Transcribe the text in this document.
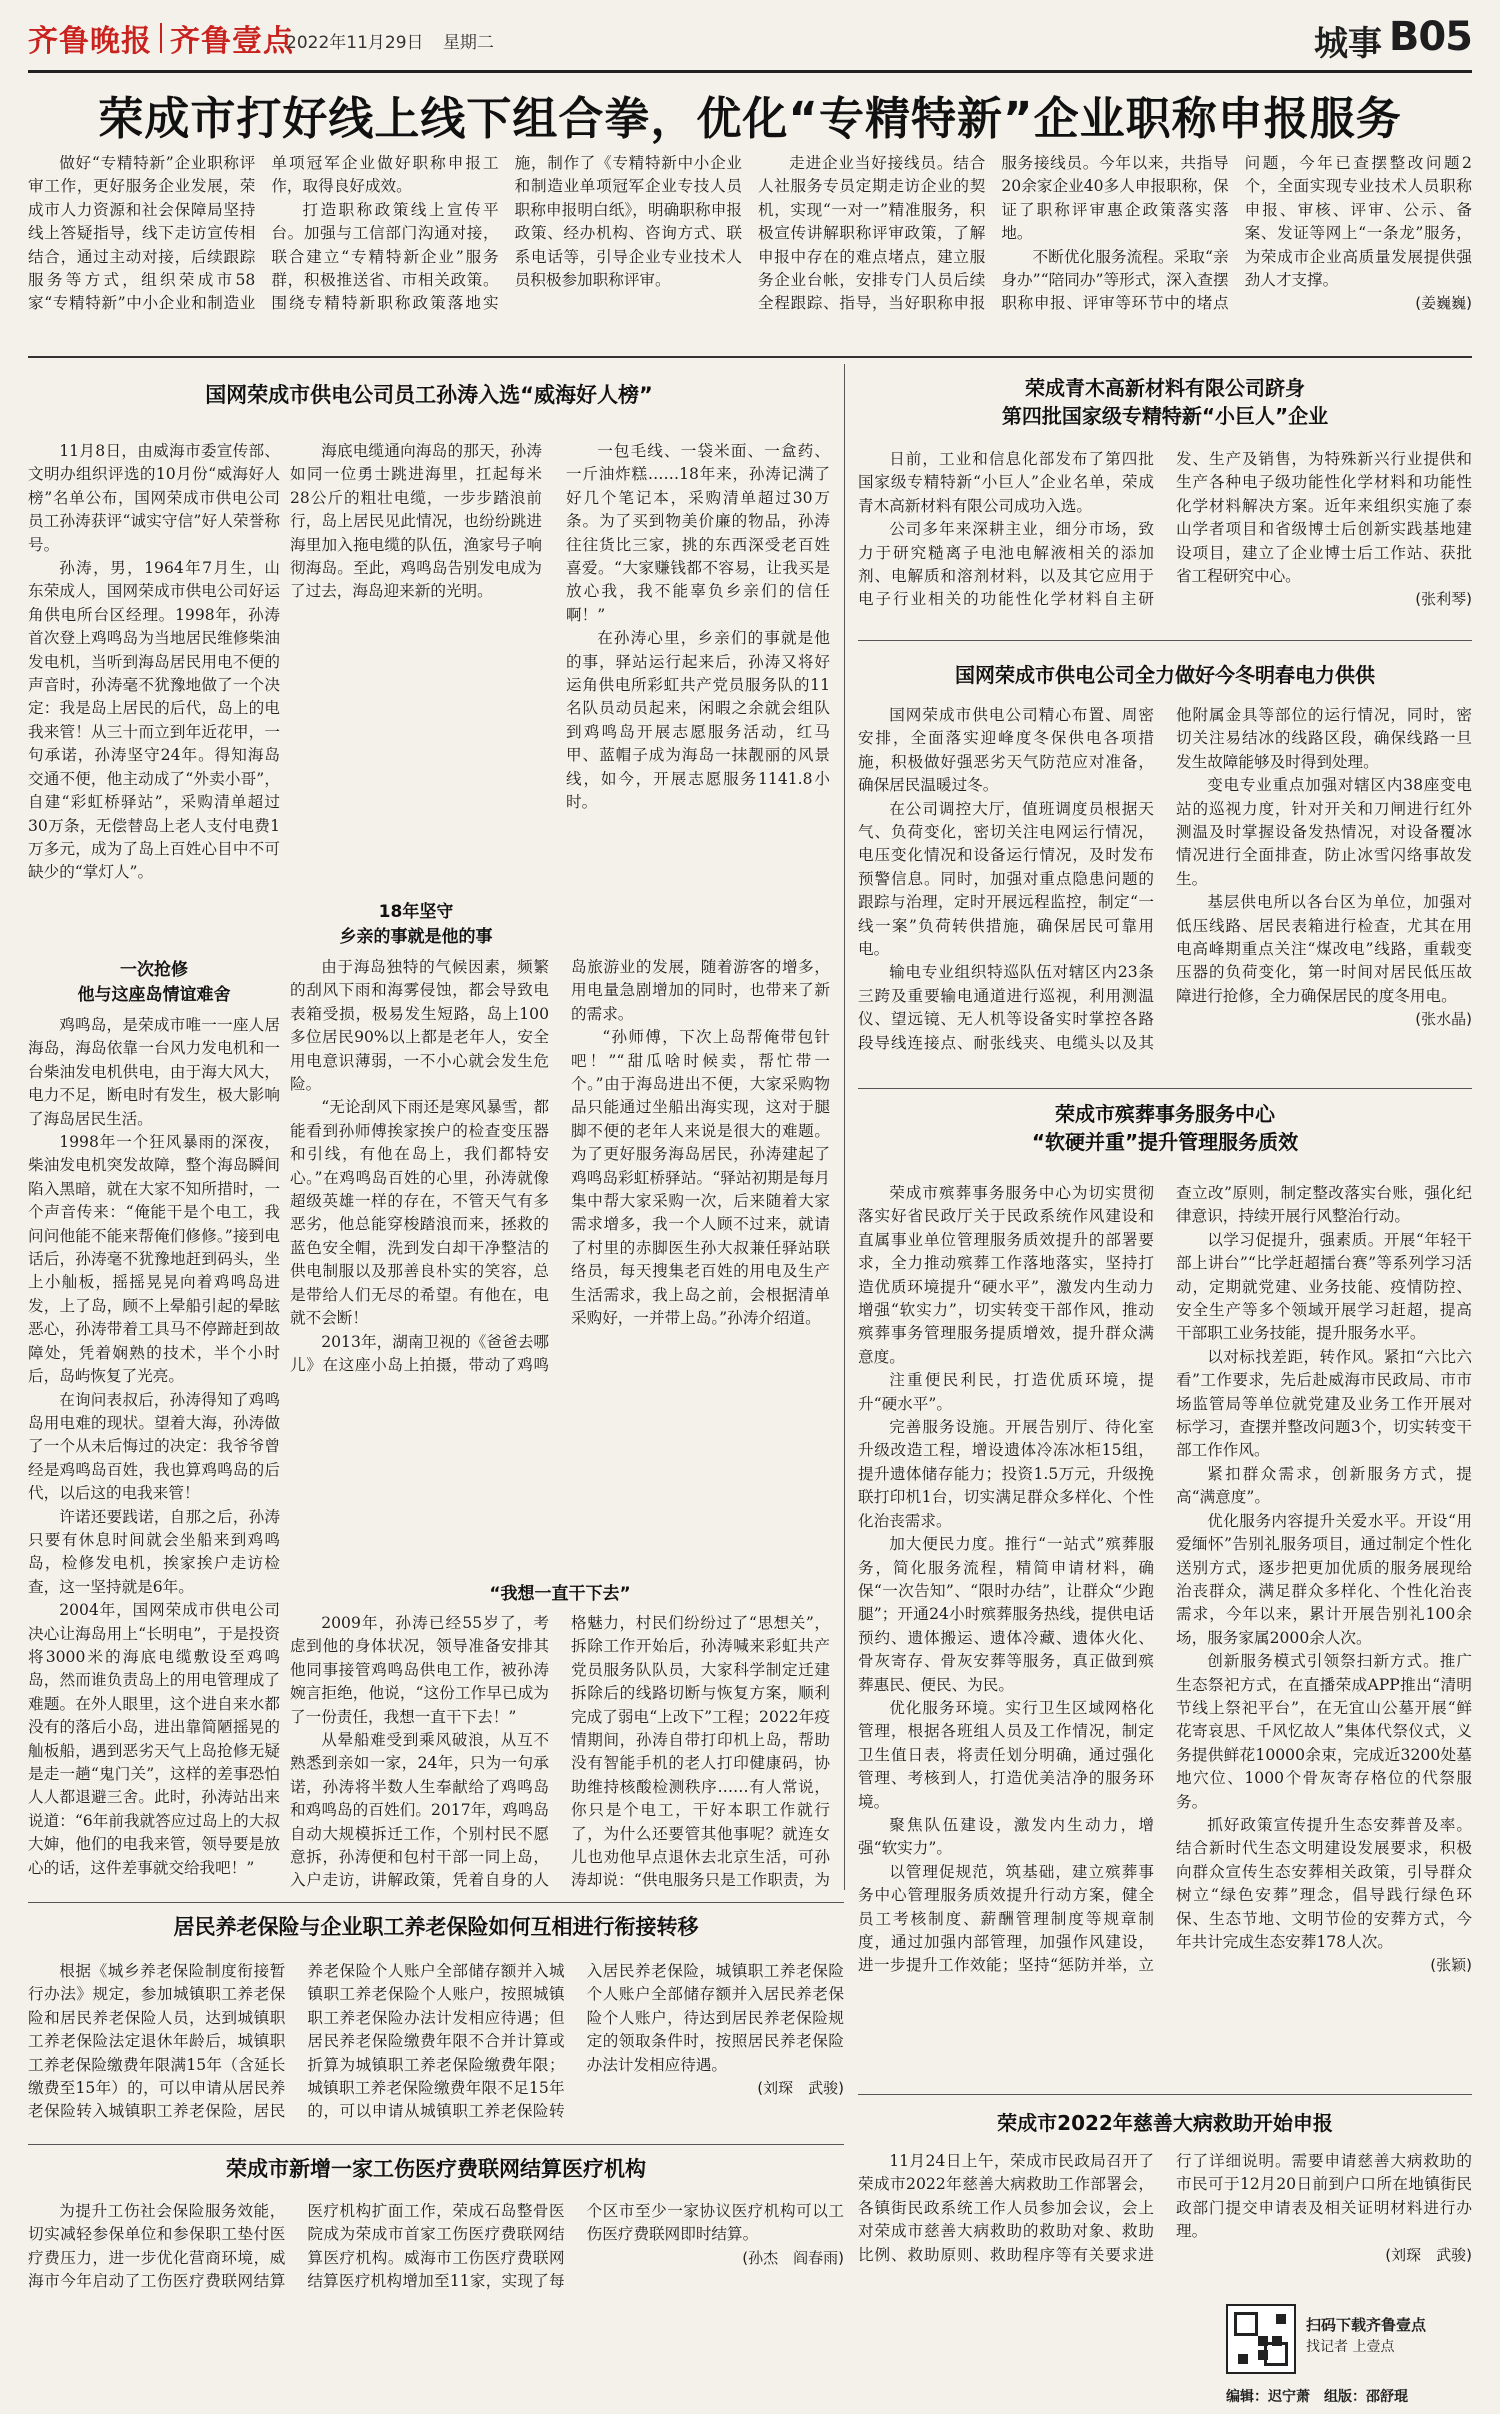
齐鲁晚报 齐鲁壹点
2022年11月29日 星期二	城事 B05
荣成市打好线上线下组合拳，优化“专精特新”企业职称申报服务

做好“专精特新”企业职称评审工作，更好服务企业发展，荣成市人力资源和社会保障局坚持线上答疑指导，线下走访宣传相结合，通过主动对接，后续跟踪服务等方式，组织荣成市58家“专精特新”中小企业和制造业单项冠军企业做好职称申报工作，取得良好成效。

打造职称政策线上宣传平台。加强与工信部门沟通对接，联合建立“专精特新企业”服务群，积极推送省、市相关政策。围绕专精特新职称政策落地实施，制作了《专精特新中小企业和制造业单项冠军企业专技人员职称申报明白纸》，明确职称申报政策、经办机构、咨询方式、联系电话等，引导企业专业技术人员积极参加职称评审。

走进企业当好接线员。结合人社服务专员定期走访企业的契机，实现“一对一”精准服务，积极宣传讲解职称评审政策，了解申报中存在的难点堵点，建立服务企业台帐，安排专门人员后续全程跟踪、指导，当好职称申报服务接线员。今年以来，共指导20余家企业40多人申报职称，保证了职称评审惠企政策落实落地。

不断优化服务流程。采取“亲身办”“陪同办”等形式，深入查摆职称申报、评审等环节中的堵点问题，今年已查摆整改问题2个，全面实现专业技术人员职称申报、审核、评审、公示、备案、发证等网上“一条龙”服务，为荣成市企业高质量发展提供强劲人才支撑。

(姜巍巍)

国网荣成市供电公司员工孙涛入选“威海好人榜”

11月8日，由威海市委宣传部、文明办组织评选的10月份“威海好人榜”名单公布，国网荣成市供电公司员工孙涛获评“诚实守信”好人荣誉称号。

孙涛，男，1964年7月生，山东荣成人，国网荣成市供电公司好运角供电所台区经理。1998年，孙涛首次登上鸡鸣岛为当地居民维修柴油发电机，当听到海岛居民用电不便的声音时，孙涛毫不犹豫地做了一个决定：我是岛上居民的后代，岛上的电我来管！从三十而立到年近花甲，一句承诺，孙涛坚守24年。得知海岛交通不便，他主动成了“外卖小哥”，自建“彩虹桥驿站”，采购清单超过30万条，无偿替岛上老人支付电费1万多元，成为了岛上百姓心目中不可缺少的“掌灯人”。

一次抢修
他与这座岛情谊难舍

鸡鸣岛，是荣成市唯一一座人居海岛，海岛依靠一台风力发电机和一台柴油发电机供电，由于海大风大，电力不足，断电时有发生，极大影响了海岛居民生活。

1998年一个狂风暴雨的深夜，柴油发电机突发故障，整个海岛瞬间陷入黑暗，就在大家不知所措时，一个声音传来：“俺能干是个电工，我问问他能不能来帮俺们修修。”接到电话后，孙涛毫不犹豫地赶到码头，坐上小舢板，摇摇晃晃向着鸡鸣岛进发，上了岛，顾不上晕船引起的晕眩恶心，孙涛带着工具马不停蹄赶到故障处，凭着娴熟的技术，半个小时后，岛屿恢复了光亮。

在询问表叔后，孙涛得知了鸡鸣岛用电难的现状。望着大海，孙涛做了一个从未后悔过的决定：我爷爷曾经是鸡鸣岛百姓，我也算鸡鸣岛的后代，以后这的电我来管！

许诺还要践诺，自那之后，孙涛只要有休息时间就会坐船来到鸡鸣岛，检修发电机，挨家挨户走访检查，这一坚持就是6年。

2004年，国网荣成市供电公司决心让海岛用上“长明电”，于是投资将3000米的海底电缆敷设至鸡鸣岛，然而谁负责岛上的用电管理成了难题。在外人眼里，这个进自来水都没有的落后小岛，进出靠简陋摇晃的舢板船，遇到恶劣天气上岛抢修无疑是走一趟“鬼门关”，这样的差事恐怕人人都退避三舍。此时，孙涛站出来说道：“6年前我就答应过岛上的大叔大婶，他们的电我来管，领导要是放心的话，这件差事就交给我吧！”

海底电缆通向海岛的那天，孙涛如同一位勇士跳进海里，扛起每米28公斤的粗壮电缆，一步步踏浪前行，岛上居民见此情况，也纷纷跳进海里加入拖电缆的队伍，渔家号子响彻海岛。至此，鸡鸣岛告别发电成为了过去，海岛迎来新的光明。

18年坚守
乡亲的事就是他的事

由于海岛独特的气候因素，频繁的刮风下雨和海雾侵蚀，都会导致电表箱受损，极易发生短路，岛上100多位居民90%以上都是老年人，安全用电意识薄弱，一不小心就会发生危险。

“无论刮风下雨还是寒风暴雪，都能看到孙师傅挨家挨户的检查变压器和引线，有他在岛上，我们都特安心。”在鸡鸣岛百姓的心里，孙涛就像超级英雄一样的存在，不管天气有多恶劣，他总能穿梭踏浪而来，拯救的蓝色安全帽，洗到发白却干净整洁的供电制服以及那善良朴实的笑容，总是带给人们无尽的希望。有他在，电就不会断！

2013年，湖南卫视的《爸爸去哪儿》在这座小岛上拍摄，带动了鸡鸣岛旅游业的发展，随着游客的增多，用电量急剧增加的同时，也带来了新的需求。

“孙师傅，下次上岛帮俺带包针吧！”“甜瓜啥时候卖，帮忙带一个。”由于海岛进出不便，大家采购物品只能通过坐船出海实现，这对于腿脚不便的老年人来说是很大的难题。为了更好服务海岛居民，孙涛建起了鸡鸣岛彩虹桥驿站。“驿站初期是每月集中帮大家采购一次，后来随着大家需求增多，我一个人顾不过来，就请了村里的赤脚医生孙大叔兼任驿站联络员，每天搜集老百姓的用电及生产生活需求，我上岛之前，会根据清单采购好，一并带上岛。”孙涛介绍道。

一包毛线、一袋米面、一盒药、一斤油炸糕……18年来，孙涛记满了好几个笔记本，采购清单超过30万条。为了买到物美价廉的物品，孙涛往往货比三家，挑的东西深受老百姓喜爱。“大家赚钱都不容易，让我买是放心我，我不能辜负乡亲们的信任啊！”

在孙涛心里，乡亲们的事就是他的事，驿站运行起来后，孙涛又将好运角供电所彩虹共产党员服务队的11名队员动员起来，闲暇之余就会组队到鸡鸣岛开展志愿服务活动，红马甲、蓝帽子成为海岛一抹靓丽的风景线，如今，开展志愿服务1141.8小时。

“我想一直干下去”

2009年，孙涛已经55岁了，考虑到他的身体状况，领导准备安排其他同事接管鸡鸣岛供电工作，被孙涛婉言拒绝，他说，“这份工作早已成为了一份责任，我想一直干下去！”

从晕船难受到乘风破浪，从互不熟悉到亲如一家，24年，只为一句承诺，孙涛将半数人生奉献给了鸡鸣岛和鸡鸣岛的百姓们。2017年，鸡鸣岛自动大规模拆迁工作，个别村民不愿意拆，孙涛便和包村干部一同上岛，入户走访，讲解政策，凭着自身的人格魅力，村民们纷纷过了“思想关”，拆除工作开始后，孙涛喊来彩虹共产党员服务队队员，大家科学制定迁建拆除后的线路切断与恢复方案，顺利完成了弱电“上改下”工程；2022年疫情期间，孙涛自带打印机上岛，帮助没有智能手机的老人打印健康码，协助维持核酸检测秩序……有人常说，你只是个电工，干好本职工作就行了，为什么还要管其他事呢？就连女儿也劝他早点退休去北京生活，可孙涛却说：“供电服务只是工作职责，为

荣成青木高新材料有限公司跻身
第四批国家级专精特新“小巨人”企业

日前，工业和信息化部发布了第四批国家级专精特新“小巨人”企业名单，荣成青木高新材料有限公司成功入选。

公司多年来深耕主业，细分市场，致力于研究糙离子电池电解液相关的添加剂、电解质和溶剂材料，以及其它应用于电子行业相关的功能性化学材料自主研发、生产及销售，为特殊新兴行业提供和生产各种电子级功能性化学材料和功能性化学材料解决方案。近年来组织实施了泰山学者项目和省级博士后创新实践基地建设项目，建立了企业博士后工作站、获批省工程研究中心。

(张利琴)

国网荣成市供电公司全力做好今冬明春电力供供

国网荣成市供电公司精心布置、周密安排，全面落实迎峰度冬保供电各项措施，积极做好强恶劣天气防范应对准备，确保居民温暖过冬。

在公司调控大厅，值班调度员根据天气、负荷变化，密切关注电网运行情况，电压变化情况和设备运行情况，及时发布预警信息。同时，加强对重点隐患问题的跟踪与治理，定时开展远程监控，制定“一线一案”负荷转供措施，确保居民可靠用电。

输电专业组织特巡队伍对辖区内23条三跨及重要输电通道进行巡视，利用测温仪、望远镜、无人机等设备实时掌控各路段导线连接点、耐张线夹、电缆头以及其他附属金具等部位的运行情况，同时，密切关注易结冰的线路区段，确保线路一旦发生故障能够及时得到处理。

变电专业重点加强对辖区内38座变电站的巡视力度，针对开关和刀闸进行红外测温及时掌握设备发热情况，对设备覆冰情况进行全面排查，防止冰雪闪络事故发生。

基层供电所以各台区为单位，加强对低压线路、居民表箱进行检查，尤其在用电高峰期重点关注“煤改电”线路，重载变压器的负荷变化，第一时间对居民低压故障进行抢修，全力确保居民的度冬用电。

(张水晶)

荣成市殡葬事务服务中心
“软硬并重”提升管理服务质效

荣成市殡葬事务服务中心为切实贯彻落实好省民政厅关于民政系统作风建设和直属事业单位管理服务质效提升的部署要求，全力推动殡葬工作落地落实，坚持打造优质环境提升“硬水平”，激发内生动力增强“软实力”，切实转变干部作风，推动殡葬事务管理服务提质增效，提升群众满意度。

注重便民利民，打造优质环境，提升“硬水平”。

完善服务设施。开展告别厅、待化室升级改造工程，增设遗体冷冻冰柜15组，提升遗体储存能力；投资1.5万元，升级挽联打印机1台，切实满足群众多样化、个性化治丧需求。

加大便民力度。推行“一站式”殡葬服务，简化服务流程，精简申请材料，确保“一次告知”、“限时办结”，让群众“少跑腿”；开通24小时殡葬服务热线，提供电话预约、遗体搬运、遗体冷藏、遗体火化、骨灰寄存、骨灰安葬等服务，真正做到殡葬惠民、便民、为民。

优化服务环境。实行卫生区域网格化管理，根据各班组人员及工作情况，制定卫生值日表，将责任划分明确，通过强化管理、考核到人，打造优美洁净的服务环境。

聚焦队伍建设，激发内生动力，增强“软实力”。

以管理促规范，筑基础，建立殡葬事务中心管理服务质效提升行动方案，健全员工考核制度、薪酬管理制度等规章制度，通过加强内部管理，加强作风建设，进一步提升工作效能；坚持“惩防并举，立查立改”原则，制定整改落实台账，强化纪律意识，持续开展行风整治行动。

以学习促提升，强素质。开展“年轻干部上讲台”“比学赶超擂台赛”等系列学习活动，定期就党建、业务技能、疫情防控、安全生产等多个领域开展学习赶超，提高干部职工业务技能，提升服务水平。

以对标找差距，转作风。紧扣“六比六看”工作要求，先后赴威海市民政局、市市场监管局等单位就党建及业务工作开展对标学习，查摆并整改问题3个，切实转变干部工作作风。

紧扣群众需求，创新服务方式，提高“满意度”。

优化服务内容提升关爱水平。开设“用爱缅怀”告别礼服务项目，通过制定个性化送别方式，逐步把更加优质的服务展现给治丧群众，满足群众多样化、个性化治丧需求，今年以来，累计开展告别礼100余场，服务家属2000余人次。

创新服务模式引领祭扫新方式。推广生态祭祀方式，在直播荣成APP推出“清明节线上祭祀平台”，在无宜山公墓开展“鲜花寄哀思、千风忆故人”集体代祭仪式，义务提供鲜花10000余束，完成近3200处墓地穴位、1000个骨灰寄存格位的代祭服务。

抓好政策宣传提升生态安葬普及率。结合新时代生态文明建设发展要求，积极向群众宣传生态安葬相关政策，引导群众树立“绿色安葬”理念，倡导践行绿色环保、生态节地、文明节俭的安葬方式，今年共计完成生态安葬178人次。

(张颖)

荣成市2022年慈善大病救助开始申报

11月24日上午，荣成市民政局召开了荣成市2022年慈善大病救助工作部署会，各镇街民政系统工作人员参加会议，会上对荣成市慈善大病救助的救助对象、救助比例、救助原则、救助程序等有关要求进行了详细说明。需要申请慈善大病救助的市民可于12月20日前到户口所在地镇街民政部门提交申请表及相关证明材料进行办理。

(刘琛　武骏)

居民养老保险与企业职工养老保险如何互相进行衔接转移

根据《城乡养老保险制度衔接暂行办法》规定，参加城镇职工养老保险和居民养老保险人员，达到城镇职工养老保险法定退休年龄后，城镇职工养老保险缴费年限满15年（含延长缴费至15年）的，可以申请从居民养老保险转入城镇职工养老保险，居民养老保险个人账户全部储存额并入城镇职工养老保险个人账户，按照城镇职工养老保险办法计发相应待遇；但居民养老保险缴费年限不合并计算或折算为城镇职工养老保险缴费年限；城镇职工养老保险缴费年限不足15年的，可以申请从城镇职工养老保险转入居民养老保险，城镇职工养老保险个人账户全部储存额并入居民养老保险个人账户，待达到居民养老保险规定的领取条件时，按照居民养老保险办法计发相应待遇。

(刘琛　武骏)

荣成市新增一家工伤医疗费联网结算医疗机构

为提升工伤社会保险服务效能，切实减轻参保单位和参保职工垫付医疗费压力，进一步优化营商环境，威海市今年启动了工伤医疗费联网结算医疗机构扩面工作，荣成石岛整骨医院成为荣成市首家工伤医疗费联网结算医疗机构。威海市工伤医疗费联网结算医疗机构增加至11家，实现了每个区市至少一家协议医疗机构可以工伤医疗费联网即时结算。

(孙杰　阎春雨)

扫码下载齐鲁壹点
找记者 上壹点
编辑：迟宁萧　组版：邵舒琨
